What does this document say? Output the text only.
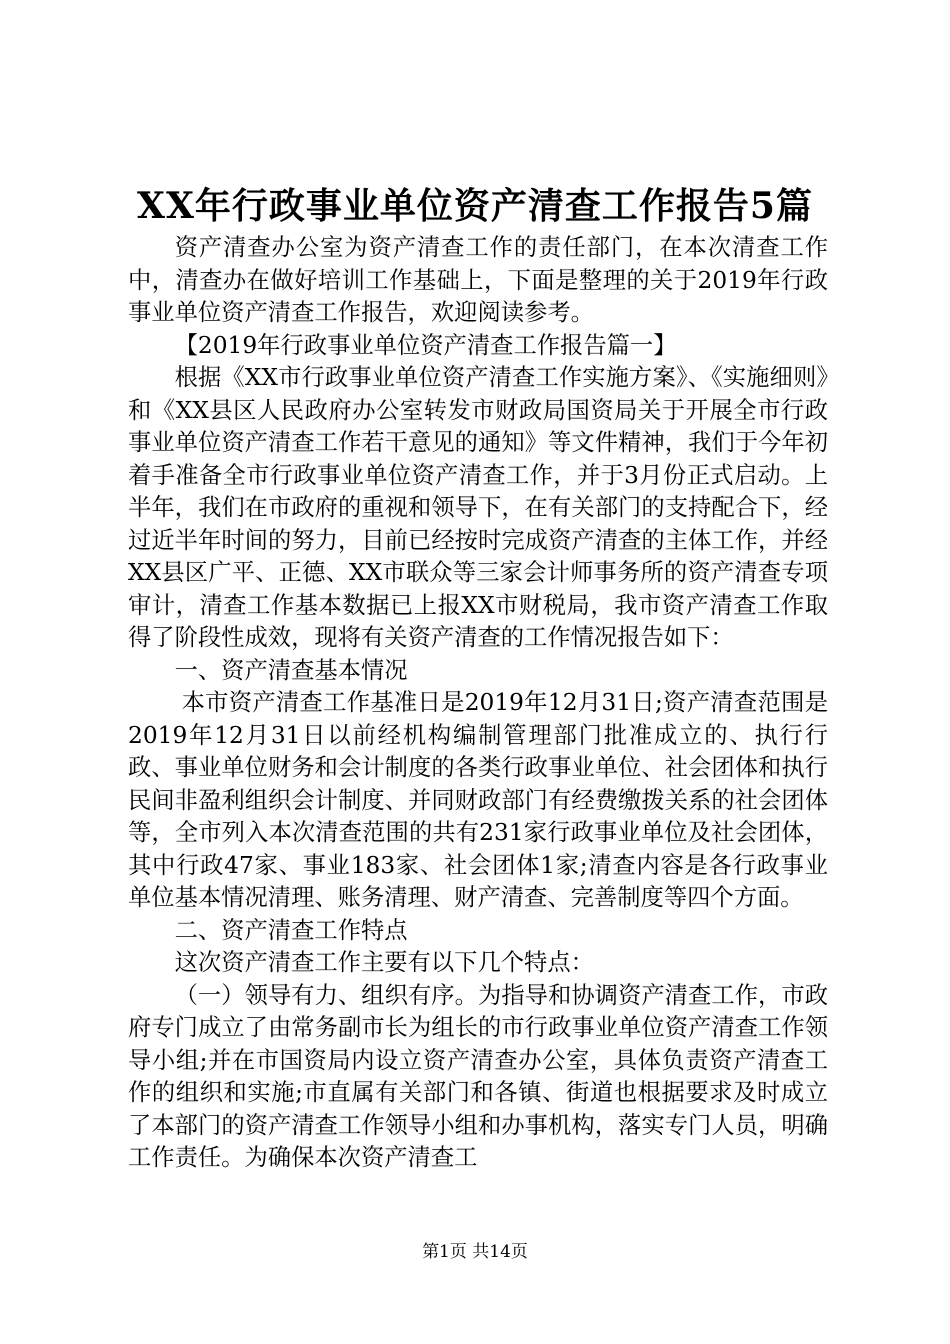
XX年行政事业单位资产清查工作报告5篇

资产清查办公室为资产清查工作的责任部门，在本次清查工作中，清查办在做好培训工作基础上，下面是整理的关于2019年行政事业单位资产清查工作报告，欢迎阅读参考。

【2019年行政事业单位资产清查工作报告篇一】

根据《XX市行政事业单位资产清查工作实施方案》、《实施细则》和《XX县区人民政府办公室转发市财政局国资局关于开展全市行政事业单位资产清查工作若干意见的通知》等文件精神，我们于今年初着手准备全市行政事业单位资产清查工作，并于3月份正式启动。上半年，我们在市政府的重视和领导下，在有关部门的支持配合下，经过近半年时间的努力，目前已经按时完成资产清查的主体工作，并经XX县区广平、正德、XX市联众等三家会计师事务所的资产清查专项审计，清查工作基本数据已上报XX市财税局，我市资产清查工作取得了阶段性成效，现将有关资产清查的工作情况报告如下：

一、资产清查基本情况

本市资产清查工作基准日是2019年12月31日;资产清查范围是2019年12月31日以前经机构编制管理部门批准成立的、执行行政、事业单位财务和会计制度的各类行政事业单位、社会团体和执行民间非盈利组织会计制度、并同财政部门有经费缴拨关系的社会团体等，全市列入本次清查范围的共有231家行政事业单位及社会团体，其中行政47家、事业183家、社会团体1家;清查内容是各行政事业单位基本情况清理、账务清理、财产清查、完善制度等四个方面。

二、资产清查工作特点

这次资产清查工作主要有以下几个特点：

（一）领导有力、组织有序。为指导和协调资产清查工作，市政府专门成立了由常务副市长为组长的市行政事业单位资产清查工作领导小组;并在市国资局内设立资产清查办公室，具体负责资产清查工作的组织和实施;市直属有关部门和各镇、街道也根据要求及时成立了本部门的资产清查工作领导小组和办事机构，落实专门人员，明确工作责任。为确保本次资产清查工

第1页 共14页
